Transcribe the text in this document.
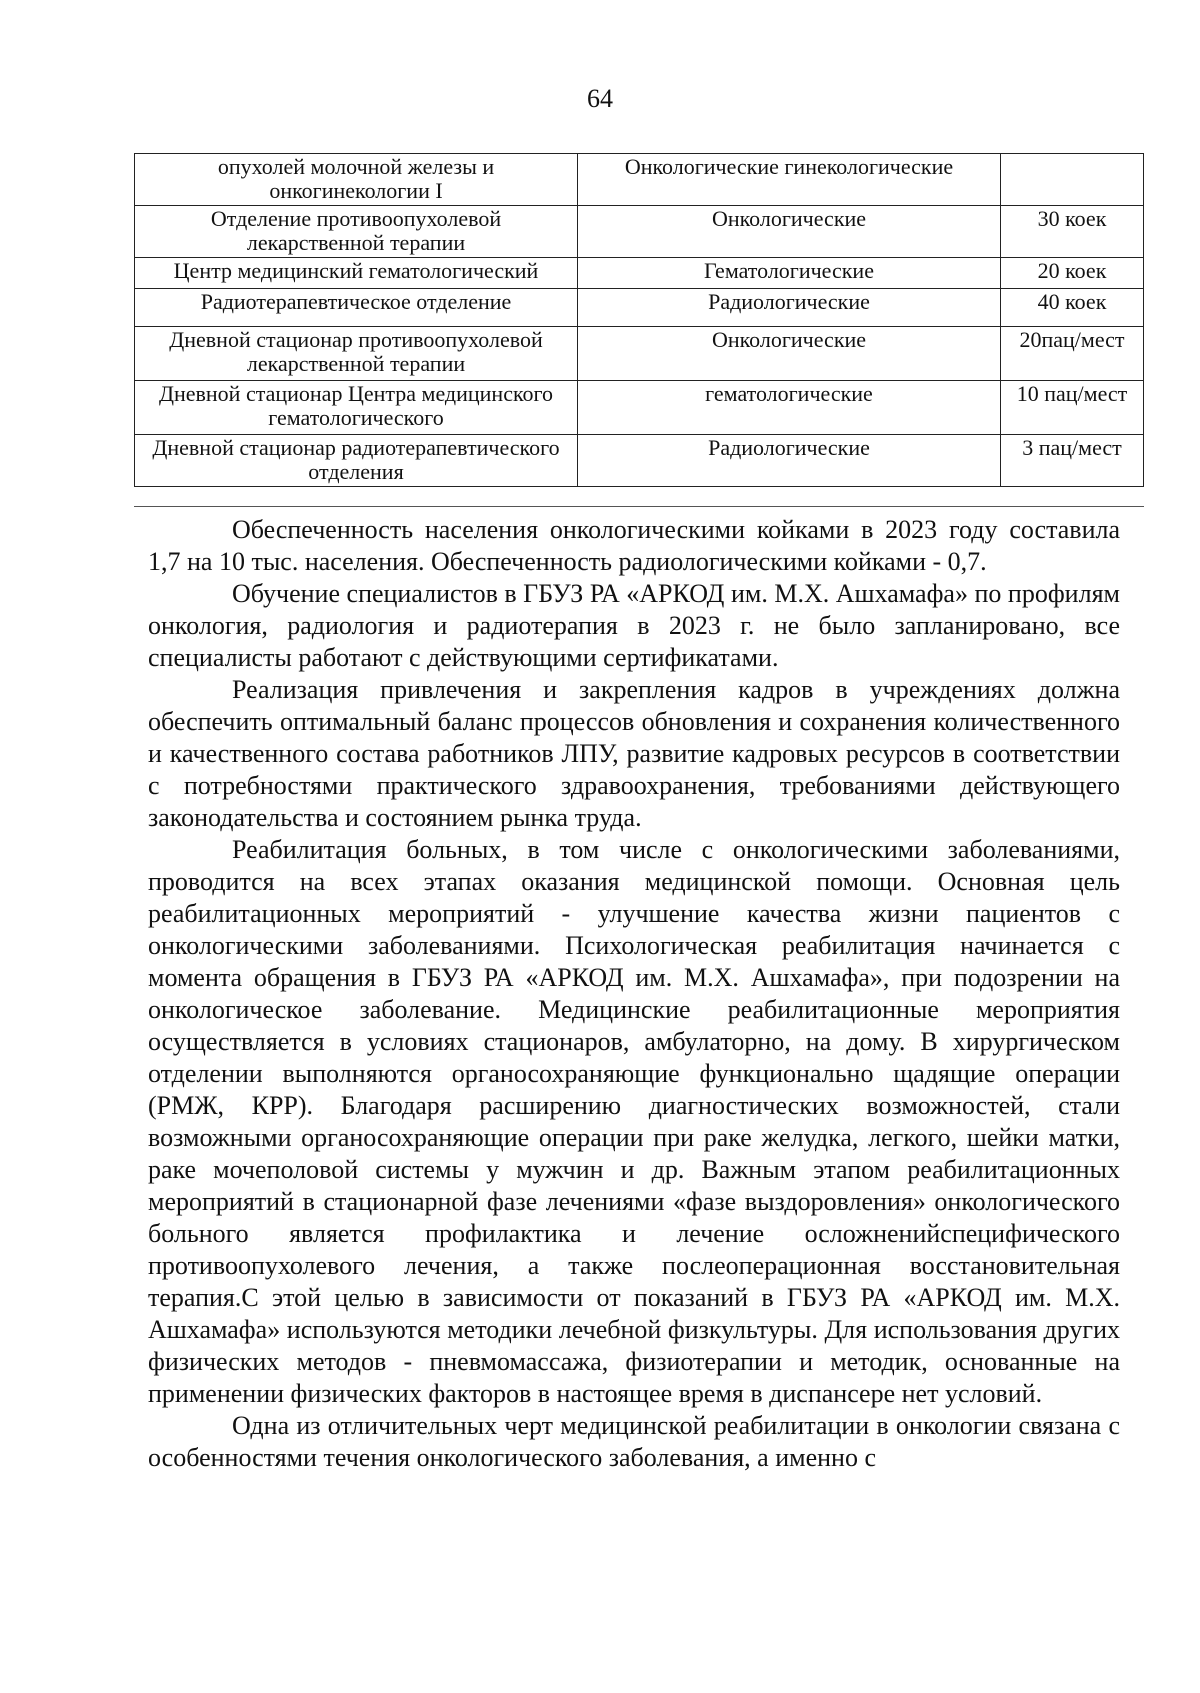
64
опухолей молочной железы и онкогинекологии I	Онкологические гинекологические	
Отделение противоопухолевой лекарственной терапии	Онкологические	30 коек
Центр медицинский гематологический	Гематологические	20 коек
Радиотерапевтическое отделение	Радиологические	40 коек
Дневной стационар противоопухолевой лекарственной терапии	Онкологические	20пац/мест
Дневной стационар Центра медицинского гематологического	гематологические	10 пац/мест
Дневной стационар радиотерапевтического отделения	Радиологические	3 пац/мест

Обеспеченность населения онкологическими койками в 2023 году составила 1,7 на 10 тыс. населения. Обеспеченность радиологическими койками - 0,7.

Обучение специалистов в ГБУЗ РА «АРКОД им. М.Х. Ашхамафа» по профилям онкология, радиология и радиотерапия в 2023 г. не было запланировано, все специалисты работают с действующими сертификатами.

Реализация привлечения и закрепления кадров в учреждениях должна обеспечить оптимальный баланс процессов обновления и сохранения количественного и качественного состава работников ЛПУ, развитие кадровых ресурсов в соответствии с потребностями практического здравоохранения, требованиями действующего законодательства и состоянием рынка труда.

Реабилитация больных, в том числе с онкологическими заболеваниями, проводится на всех этапах оказания медицинской помощи. Основная цель реабилитационных мероприятий - улучшение качества жизни пациентов с онкологическими заболеваниями. Психологическая реабилитация начинается с момента обращения в ГБУЗ РА «АРКОД им. М.Х. Ашхамафа», при подозрении на онкологическое заболевание. Медицинские реабилитационные мероприятия осуществляется в условиях стационаров, амбулаторно, на дому. В хирургическом отделении выполняются органосохраняющие функционально щадящие операции (РМЖ, КРР). Благодаря расширению диагностических возможностей, стали возможными органосохраняющие операции при раке желудка, легкого, шейки матки, раке мочеполовой системы у мужчин и др. Важным этапом реабилитационных мероприятий в стационарной фазе лечениями «фазе выздоровления» онкологического больного является профилактика и лечение осложненийспецифического противоопухолевого лечения, а также послеоперационная восстановительная терапия.С этой целью в зависимости от показаний в ГБУЗ РА «АРКОД им. М.Х. Ашхамафа» используются методики лечебной физкультуры. Для использования других физических методов - пневмомассажа, физиотерапии и методик, основанные на применении физических факторов в настоящее время в диспансере нет условий.

Одна из отличительных черт медицинской реабилитации в онкологии связана с особенностями течения онкологического заболевания, а именно с
